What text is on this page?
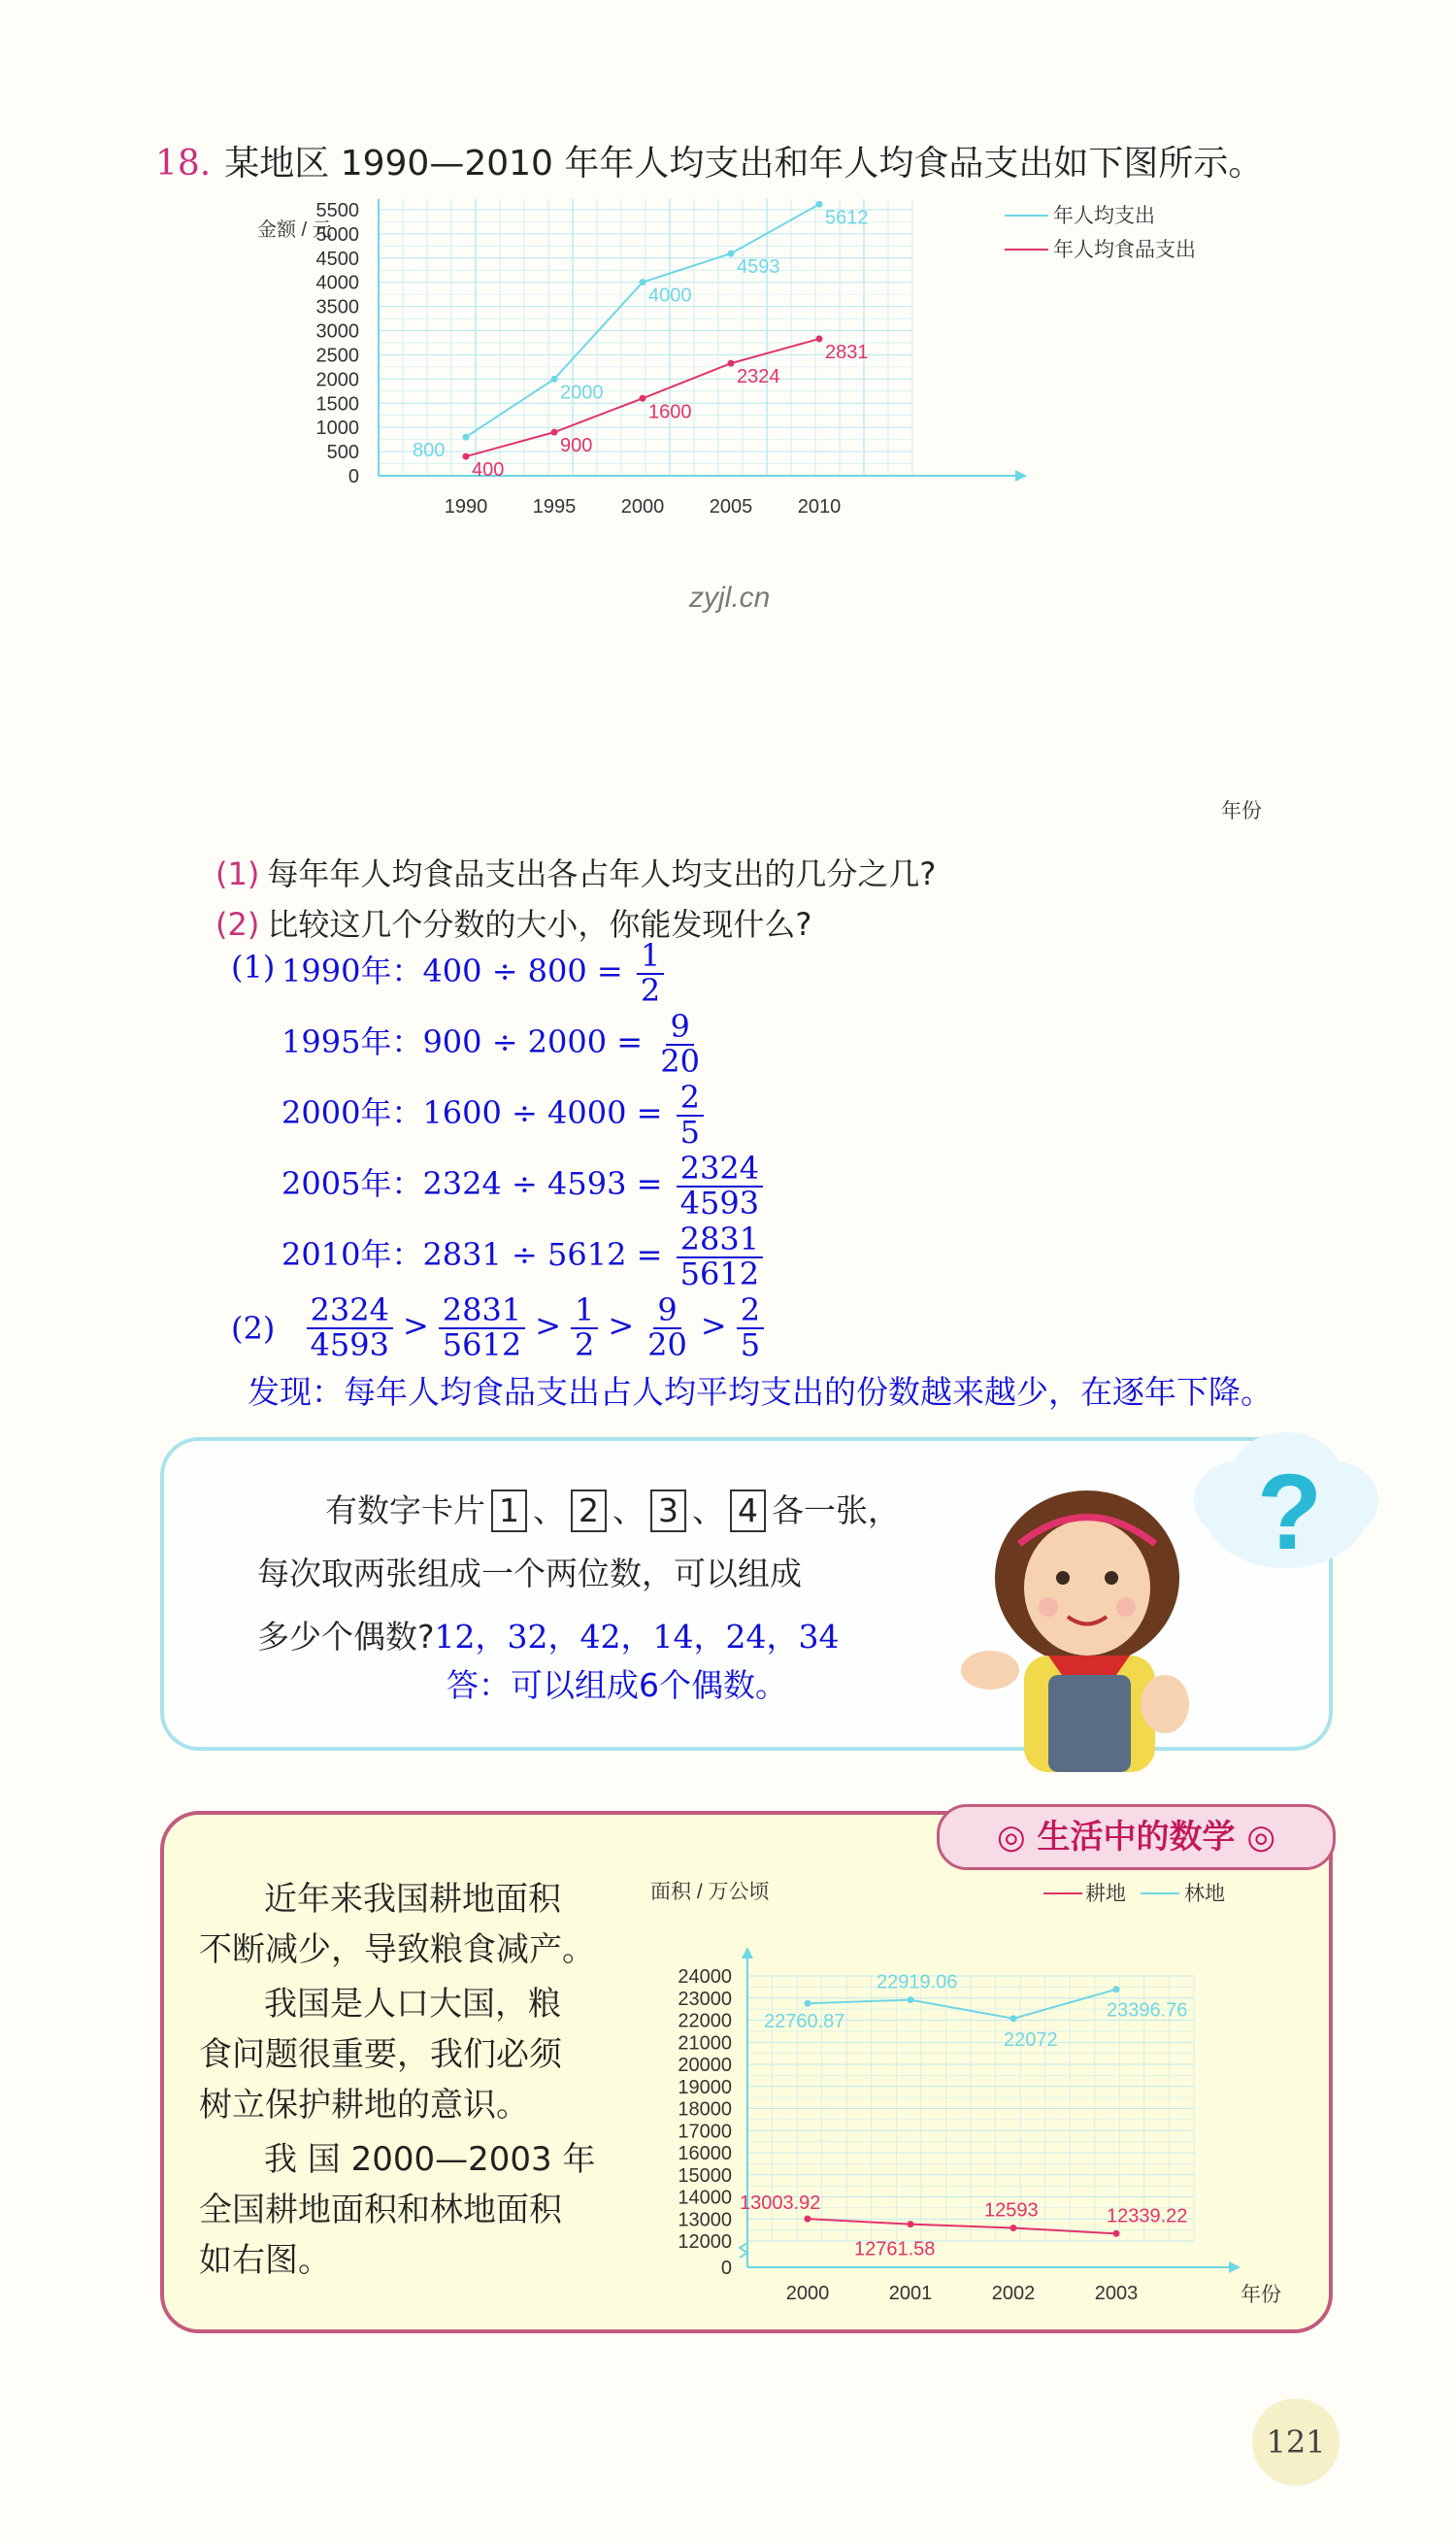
18. 某地区 1990—2010 年年人均支出和年人均食品支出如下图所示。
金额 / 元
年人均支出
年人均食品支出
0
500
1000
1500
2000
2500
3000
3500
4000
4500
5000
5500
1990 1995 2000 2005 2010
800
2000
4000
4593
5612
400
900
1600
2324
2831
年份
zyjl.cn
(1) 每年年人均食品支出各占年人均支出的几分之几?
(2) 比较这几个分数的大小，你能发现什么?
(1) 1990年：$400 \div 800 = \frac{1}{2}$
1995年：$900 \div 2000 = \frac{9}{20}$
2000年：$1600 \div 4000 = \frac{2}{5}$
2005年：$2324 \div 4593 = \frac{2324}{4593}$
2010年：$2831 \div 5612 = \frac{2831}{5612}$
$(2) \frac{2324}{4593} > \frac{2831}{5612} > \frac{1}{2} > \frac{9}{20} > \frac{2}{5}$
发现：每年人均食品支出占人均平均支出的份数越来越少，在逐年下降。
有数字卡片 1 、 2 、 3 、 4 各一张，
每次取两张组成一个两位数，可以组成
多少个偶数?12，32，42，14，24，34
答：可以组成6个偶数。
?
◎ 生活中的数学 ◎
近年来我国耕地面积
不断减少，导致粮食减产。
我国是人口大国，粮
食问题很重要，我们必须
树立保护耕地的意识。
我 国 2000—2003 年
全国耕地面积和林地面积
如右图。
面积 / 万公顷	耕地	林地
0
12000
13000
14000
15000
16000
17000
18000
19000
20000
21000
22000
23000
24000
2000	2001	2002	2003
13003.92
12761.58
12593	12339.22
22760.87
22919.06
22072
23396.76
年份
121
